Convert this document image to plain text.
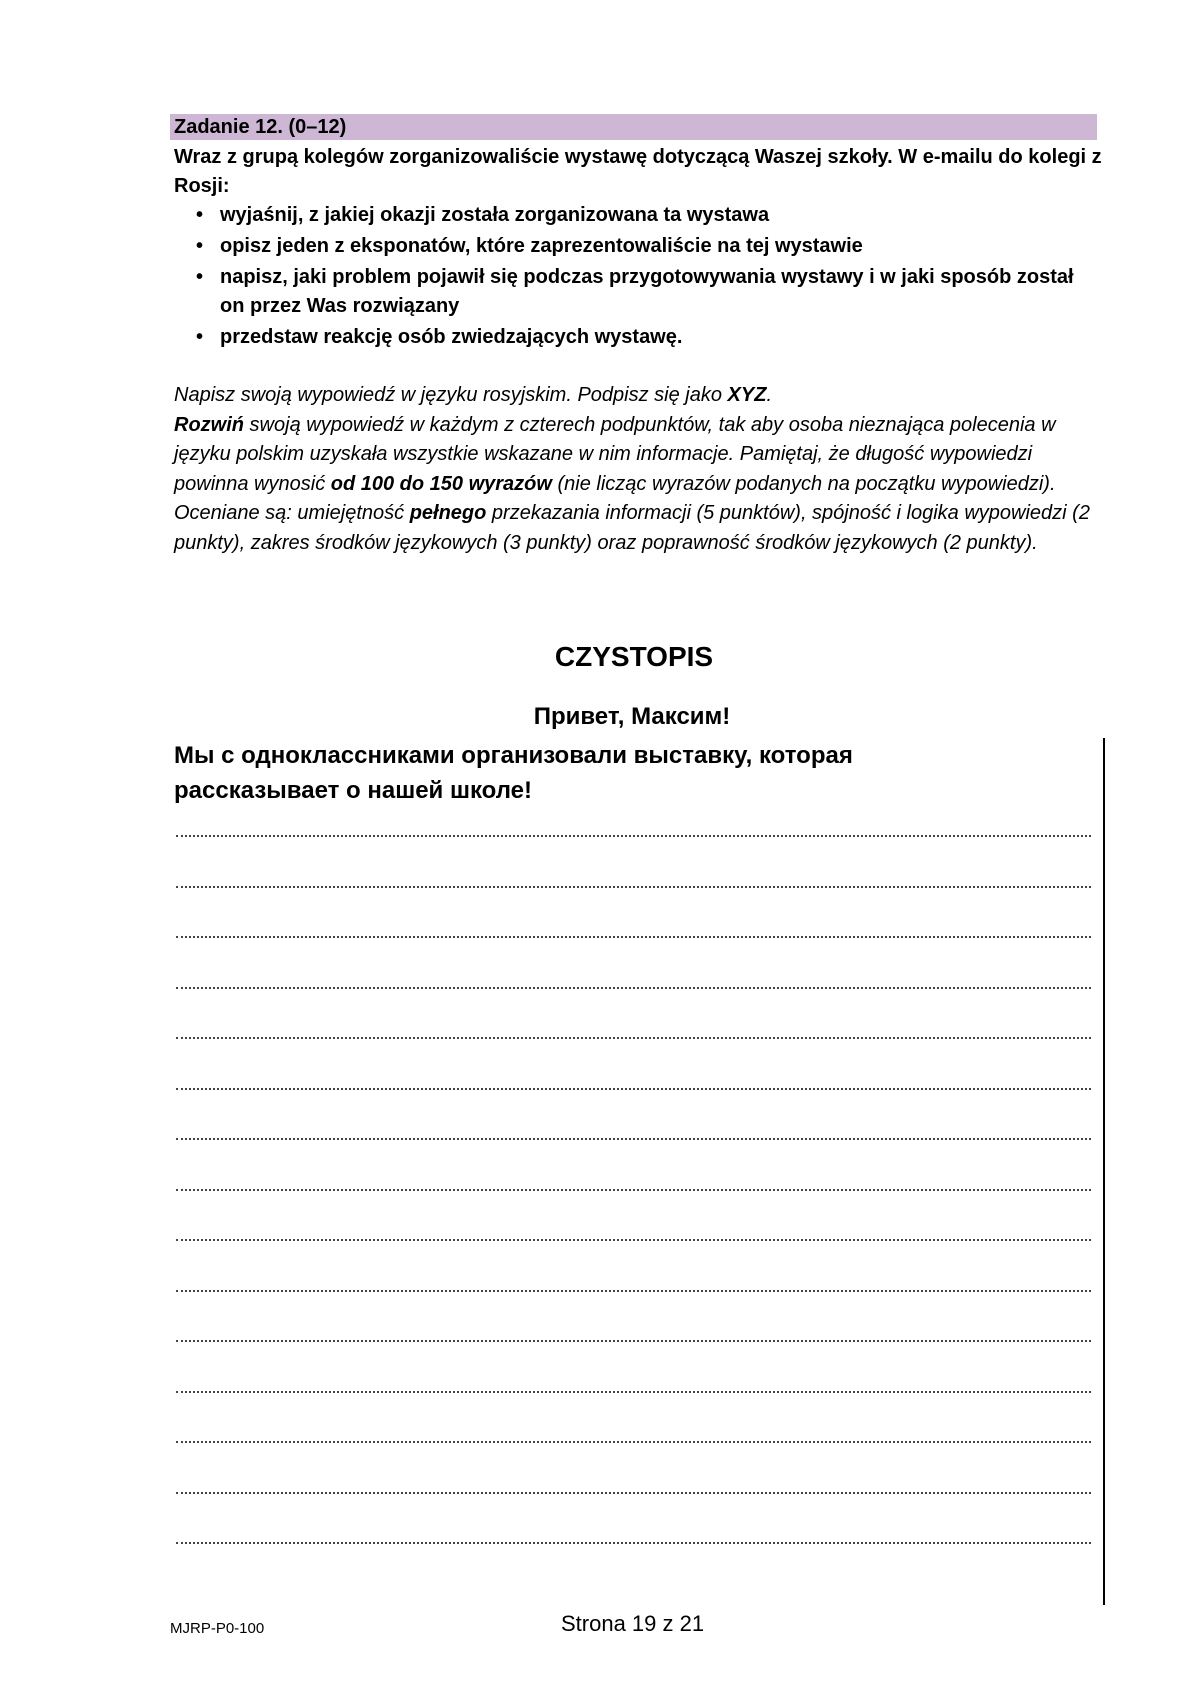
Zadanie 12. (0–12)
Wraz z grupą kolegów zorganizowaliście wystawę dotyczącą Waszej szkoły. W e-mailu do kolegi z Rosji:
• wyjaśnij, z jakiej okazji została zorganizowana ta wystawa
• opisz jeden z eksponatów, które zaprezentowaliście na tej wystawie
• napisz, jaki problem pojawił się podczas przygotowywania wystawy i w jaki sposób został on przez Was rozwiązany
• przedstaw reakcję osób zwiedzających wystawę.

Napisz swoją wypowiedź w języku rosyjskim. Podpisz się jako XYZ.

Rozwiń swoją wypowiedź w każdym z czterech podpunktów, tak aby osoba nieznająca polecenia w języku polskim uzyskała wszystkie wskazane w nim informacje. Pamiętaj, że długość wypowiedzi powinna wynosić od 100 do 150 wyrazów (nie licząc wyrazów podanych na początku wypowiedzi). Oceniane są: umiejętność pełnego przekazania informacji (5 punktów), spójność i logika wypowiedzi (2 punkty), zakres środków językowych (3 punkty) oraz poprawność środków językowych (2 punkty).

CZYSTOPIS
Привет, Максим!
Мы с одноклассниками организовали выставку, которая рассказывает о нашей школе!
MJRP-P0-100	Strona 19 z 21
